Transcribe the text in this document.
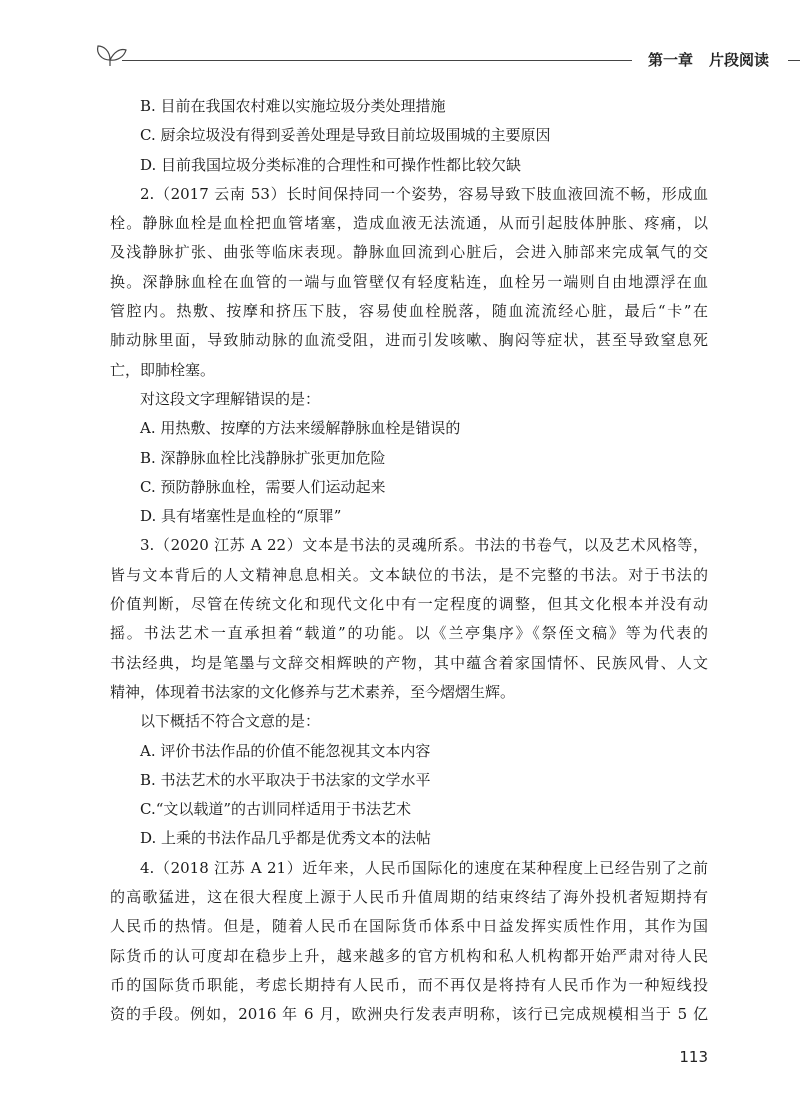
第一章 片段阅读
B. 目前在我国农村难以实施垃圾分类处理措施
C. 厨余垃圾没有得到妥善处理是导致目前垃圾围城的主要原因
D. 目前我国垃圾分类标准的合理性和可操作性都比较欠缺
2.（2017 云南 53）长时间保持同一个姿势，容易导致下肢血液回流不畅，形成血
栓。静脉血栓是血栓把血管堵塞，造成血液无法流通，从而引起肢体肿胀、疼痛，以
及浅静脉扩张、曲张等临床表现。静脉血回流到心脏后，会进入肺部来完成氧气的交
换。深静脉血栓在血管的一端与血管壁仅有轻度粘连，血栓另一端则自由地漂浮在血
管腔内。热敷、按摩和挤压下肢，容易使血栓脱落，随血流流经心脏，最后“卡”在
肺动脉里面，导致肺动脉的血流受阻，进而引发咳嗽、胸闷等症状，甚至导致窒息死
亡，即肺栓塞。
对这段文字理解错误的是：
A. 用热敷、按摩的方法来缓解静脉血栓是错误的
B. 深静脉血栓比浅静脉扩张更加危险
C. 预防静脉血栓，需要人们运动起来
D. 具有堵塞性是血栓的“原罪”
3.（2020 江苏 A 22）文本是书法的灵魂所系。书法的书卷气，以及艺术风格等，
皆与文本背后的人文精神息息相关。文本缺位的书法，是不完整的书法。对于书法的
价值判断，尽管在传统文化和现代文化中有一定程度的调整，但其文化根本并没有动
摇。书法艺术一直承担着“载道”的功能。以《兰亭集序》《祭侄文稿》等为代表的
书法经典，均是笔墨与文辞交相辉映的产物，其中蕴含着家国情怀、民族风骨、人文
精神，体现着书法家的文化修养与艺术素养，至今熠熠生辉。
以下概括不符合文意的是：
A. 评价书法作品的价值不能忽视其文本内容
B. 书法艺术的水平取决于书法家的文学水平
C.“文以载道”的古训同样适用于书法艺术
D. 上乘的书法作品几乎都是优秀文本的法帖
4.（2018 江苏 A 21）近年来，人民币国际化的速度在某种程度上已经告别了之前
的高歌猛进，这在很大程度上源于人民币升值周期的结束终结了海外投机者短期持有
人民币的热情。但是，随着人民币在国际货币体系中日益发挥实质性作用，其作为国
际货币的认可度却在稳步上升，越来越多的官方机构和私人机构都开始严肃对待人民
币的国际货币职能，考虑长期持有人民币，而不再仅是将持有人民币作为一种短线投
资的手段。例如，2016 年 6 月，欧洲央行发表声明称，该行已完成规模相当于 5 亿
113
